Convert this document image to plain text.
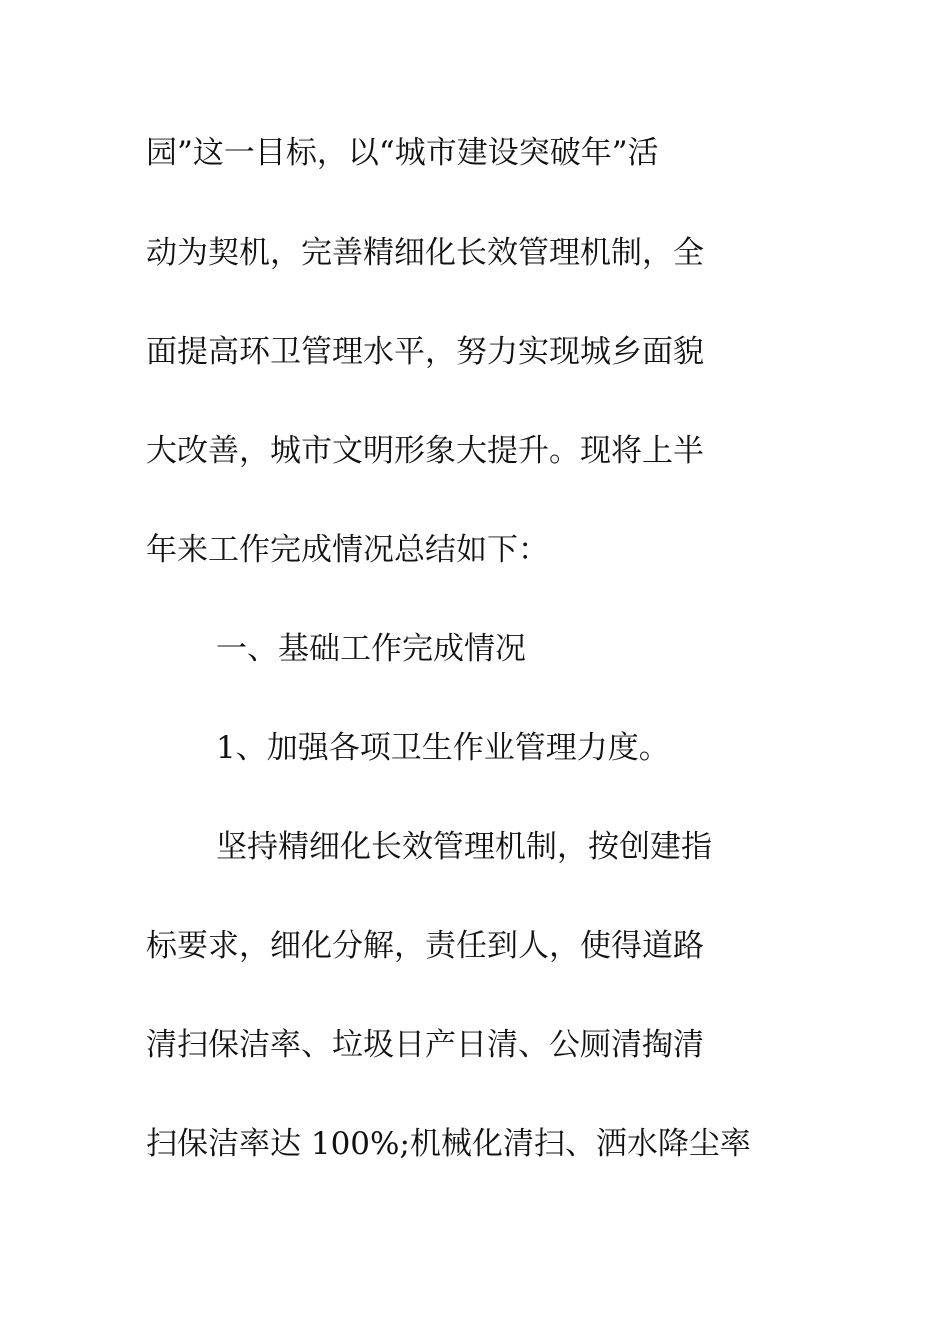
园”这一目标，以“城市建设突破年”活
动为契机，完善精细化长效管理机制，全
面提高环卫管理水平，努力实现城乡面貌
大改善，城市文明形象大提升。现将上半
年来工作完成情况总结如下：
一、基础工作完成情况
1、加强各项卫生作业管理力度。
坚持精细化长效管理机制，按创建指
标要求，细化分解，责任到人，使得道路
清扫保洁率、垃圾日产日清、公厕清掏清
扫保洁率达 100%;机械化清扫、洒水降尘率
